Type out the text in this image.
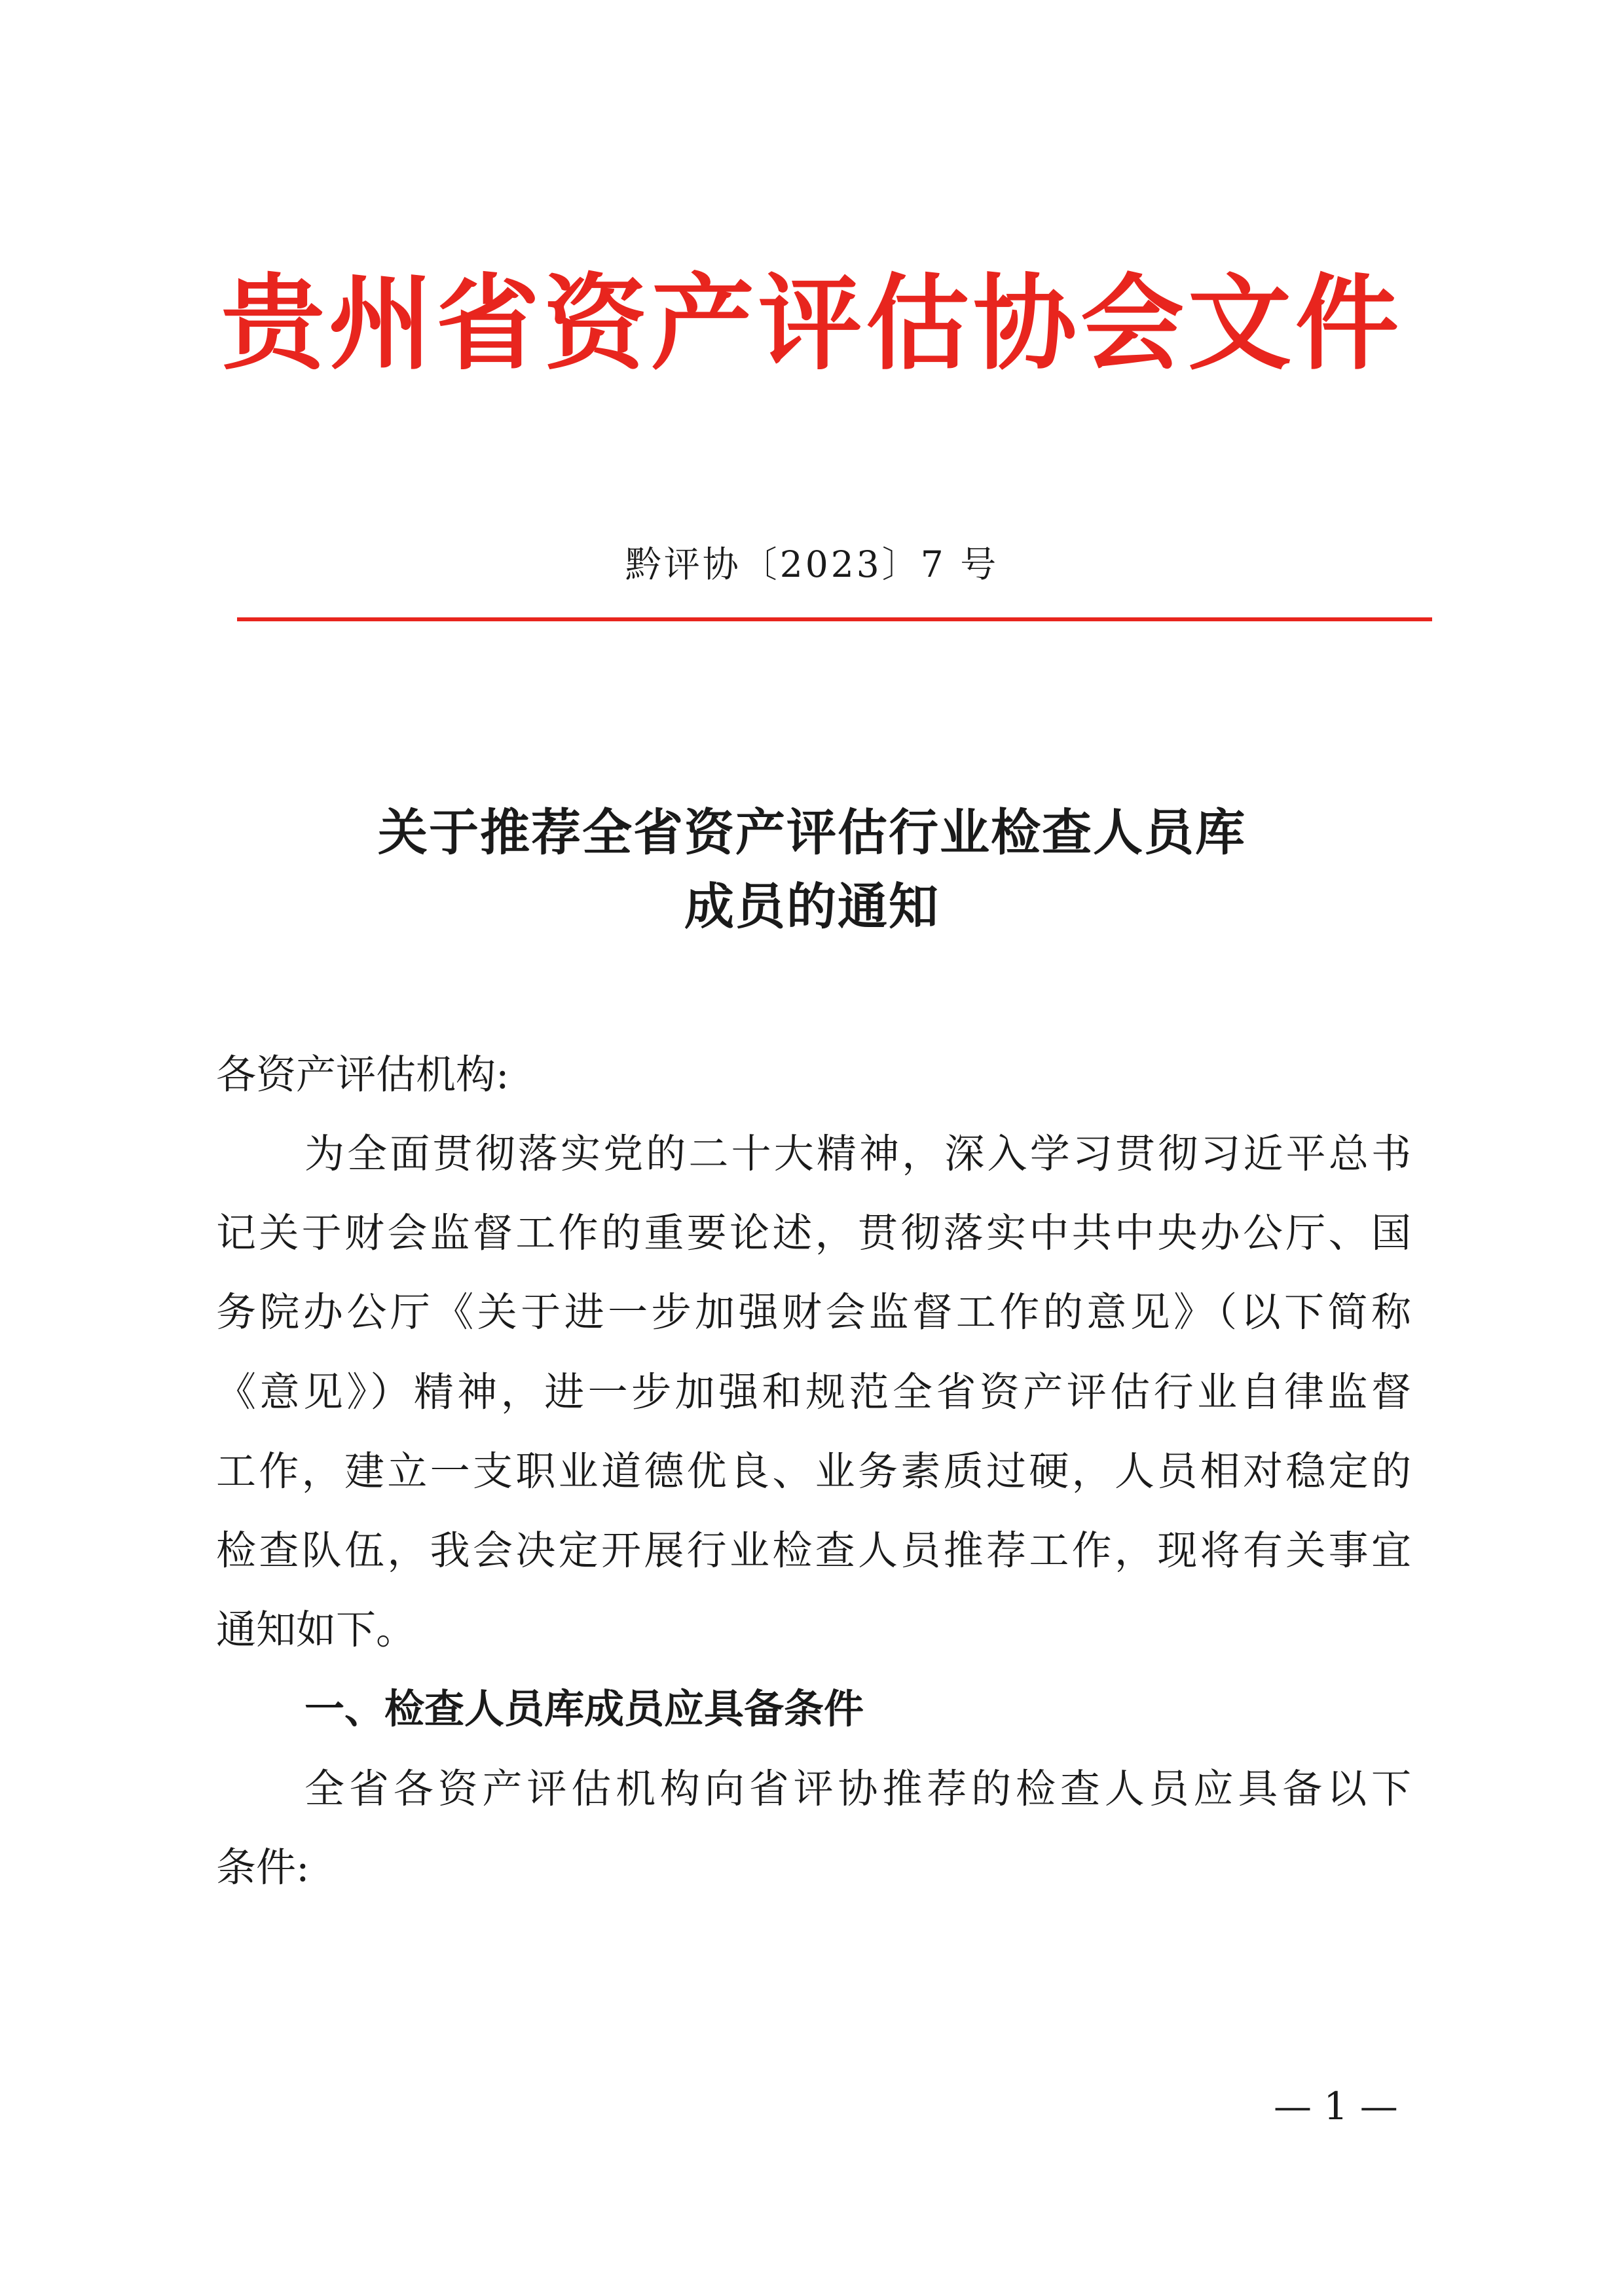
贵州省资产评估协会文件
黔评协〔2023〕7 号
关于推荐全省资产评估行业检查人员库
成员的通知
各资产评估机构:
为全面贯彻落实党的二十大精神，深入学习贯彻习近平总书
记关于财会监督工作的重要论述，贯彻落实中共中央办公厅、国
务院办公厅《关于进一步加强财会监督工作的意见》（以下简称
《意见》）精神，进一步加强和规范全省资产评估行业自律监督
工作，建立一支职业道德优良、业务素质过硬，人员相对稳定的
检查队伍，我会决定开展行业检查人员推荐工作，现将有关事宜
通知如下。
一、检查人员库成员应具备条件
全省各资产评估机构向省评协推荐的检查人员应具备以下
条件:
— 1 —
